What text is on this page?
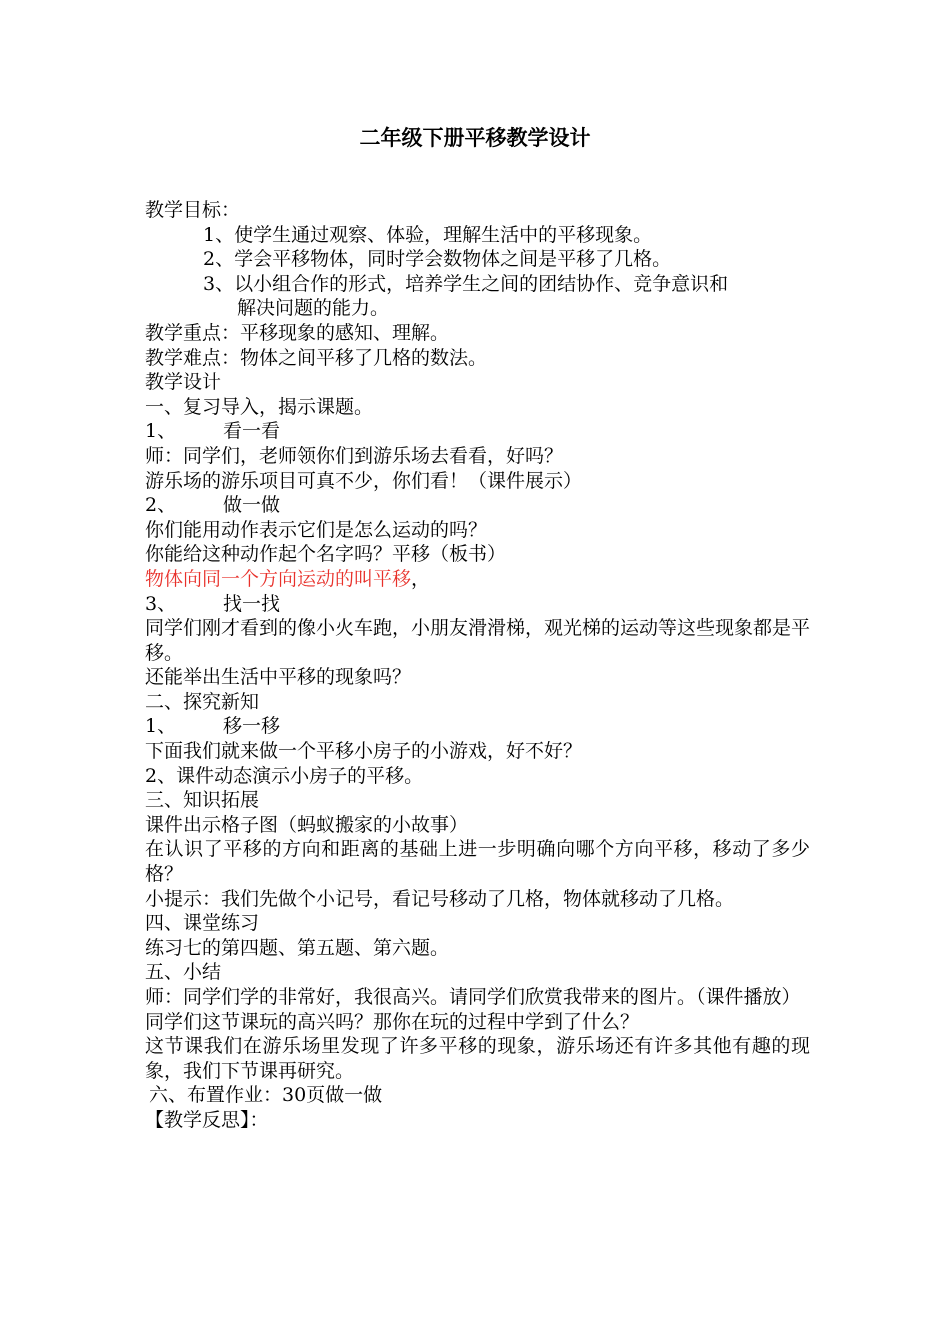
二年级下册平移教学设计

教学目标：

1、使学生通过观察、体验，理解生活中的平移现象。

2、学会平移物体，同时学会数物体之间是平移了几格。

3、以小组合作的形式，培养学生之间的团结协作、竞争意识和

解决问题的能力。

教学重点：平移现象的感知、理解。

教学难点：物体之间平移了几格的数法。

教学设计

一、复习导入，揭示课题。

1、 看一看

师：同学们，老师领你们到游乐场去看看，好吗？

游乐场的游乐项目可真不少，你们看！（课件展示）

2、 做一做

你们能用动作表示它们是怎么运动的吗？

你能给这种动作起个名字吗？平移（板书）

物体向同一个方向运动的叫平移，

3、 找一找

同学们刚才看到的像小火车跑，小朋友滑滑梯，观光梯的运动等这些现象都是平移。

还能举出生活中平移的现象吗？

二、探究新知

1、 移一移

下面我们就来做一个平移小房子的小游戏，好不好？

2、课件动态演示小房子的平移。

三、知识拓展

课件出示格子图（蚂蚁搬家的小故事）

在认识了平移的方向和距离的基础上进一步明确向哪个方向平移，移动了多少格？

小提示：我们先做个小记号，看记号移动了几格，物体就移动了几格。

四、课堂练习

练习七的第四题、第五题、第六题。

五、小结

师：同学们学的非常好，我很高兴。请同学们欣赏我带来的图片。（课件播放）

同学们这节课玩的高兴吗？那你在玩的过程中学到了什么？

这节课我们在游乐场里发现了许多平移的现象，游乐场还有许多其他有趣的现象，我们下节课再研究。

六、布置作业：30页做一做

【教学反思】：
